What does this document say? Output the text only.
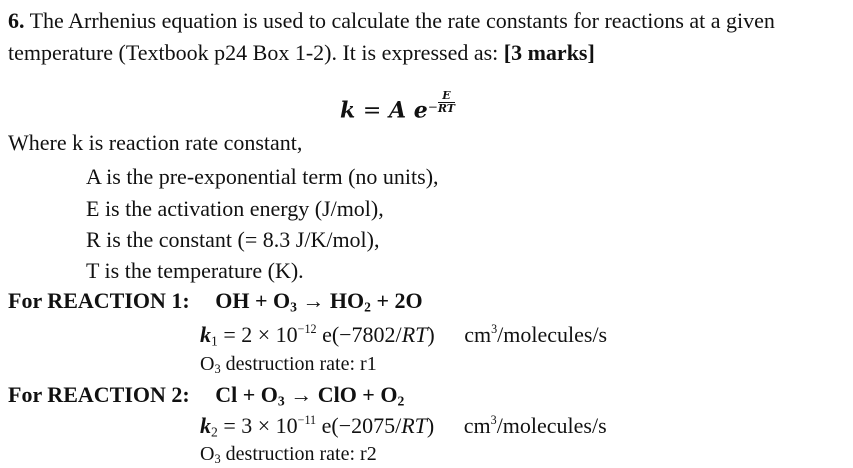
6. The Arrhenius equation is used to calculate the rate constants for reactions at a given
temperature (Textbook p24 Box 1-2). It is expressed as: [3 marks]
k = A $e- \frac{E}{RT}$
Where k is reaction rate constant,
A is the pre-exponential term (no units),
E is the activation energy (J/mol),
R is the constant (= 8.3 J/K/mol),
T is the temperature (K).
For REACTION 1: OH + $O_3 \to HO_2 + 2O$
$k_1 = 2 \times 10^{-12}$ e(−7802/RT) $cm^3/molecules/s$
$O_3$ destruction rate: r1
For REACTION 2: $Cl + O_3$ → ClO + $O_2$
$k_2 = 3 \times 10^{-11}$ e(−2075/RT) $cm^3/molecules/s$
$O_3$ destruction rate: r2
